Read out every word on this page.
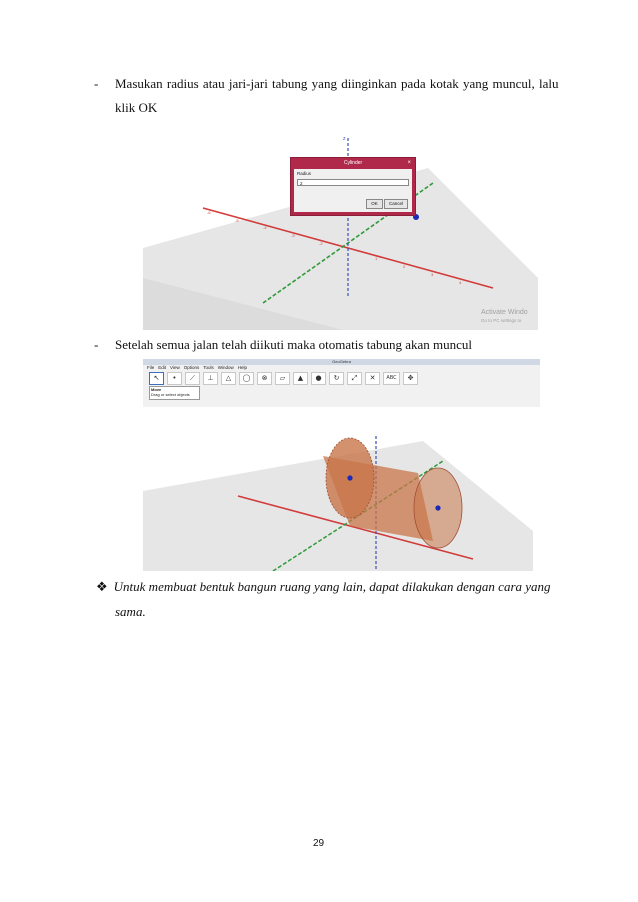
- Masukan radius atau jari-jari tabung yang diinginkan pada kotak yang muncul, lalu
klik OK
-6
-5
-4
-3
-2
1
2
3
4
z
Activate Windo
Go to PC settings to
Cylinder	×
Radius
2
OK	Cancel
- Setelah semua jalan telah diikuti maka otomatis tabung akan muncul
GeoGebra
File Edit View Options Tools Window Help
↖	•	⟋	⊥	△	◯	⊗	▱	▲	●	↻	⤢	✕	ABC	✥
Move
Drag or select objects
❖ Untuk membuat bentuk bangun ruang yang lain, dapat dilakukan dengan cara yang
sama.
29
